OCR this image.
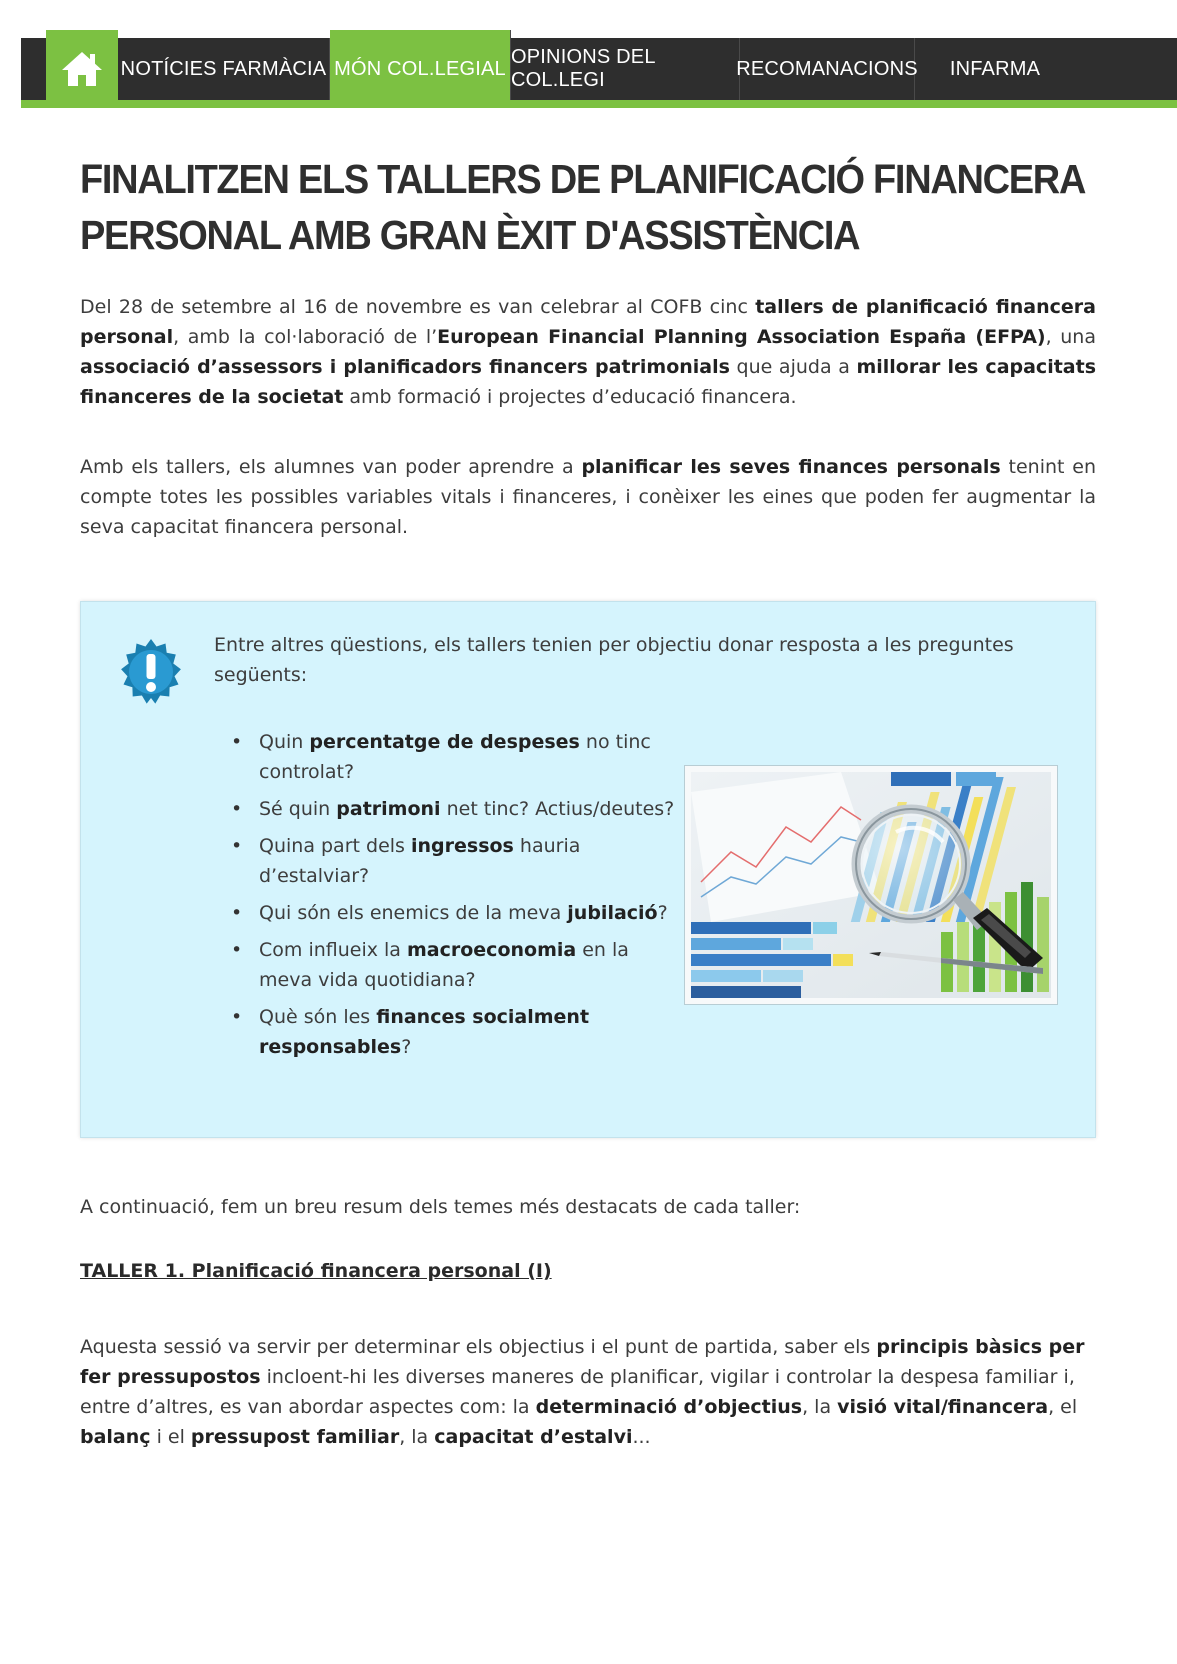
NOTÍCIES FARMÀCIA MÓN COL.LEGIAL
OPINIONS DEL COL.LEGI
RECOMANACIONS	INFARMA
FINALITZEN ELS TALLERS DE PLANIFICACIÓ FINANCERA PERSONAL AMB GRAN ÈXIT D'ASSISTÈNCIA

Del 28 de setembre al 16 de novembre es van celebrar al COFB cinc tallers de planificació financera personal, amb la col·laboració de l’European Financial Planning Association España (EFPA), una associació d’assessors i planificadors financers patrimonials que ajuda a millorar les capacitats financeres de la societat amb formació i projectes d’educació financera.

Amb els tallers, els alumnes van poder aprendre a planificar les seves finances personals tenint en compte totes les possibles variables vitals i financeres, i conèixer les eines que poden fer augmentar la seva capacitat financera personal.

Entre altres qüestions, els tallers tenien per objectiu donar resposta a les preguntes següents:

• Quin percentatge de despeses no tinc controlat?
• Sé quin patrimoni net tinc? Actius/deutes?
• Quina part dels ingressos hauria d’estalviar?
• Qui són els enemics de la meva jubilació?
• Com influeix la macroeconomia en la meva vida quotidiana?
• Què són les finances socialment responsables?

A continuació, fem un breu resum dels temes més destacats de cada taller:

TALLER 1. Planificació financera personal (I)

Aquesta sessió va servir per determinar els objectius i el punt de partida, saber els principis bàsics per fer pressupostos incloent-hi les diverses maneres de planificar, vigilar i controlar la despesa familiar i, entre d’altres, es van abordar aspectes com: la determinació d’objectius, la visió vital/financera, el balanç i el pressupost familiar, la capacitat d’estalvi...
